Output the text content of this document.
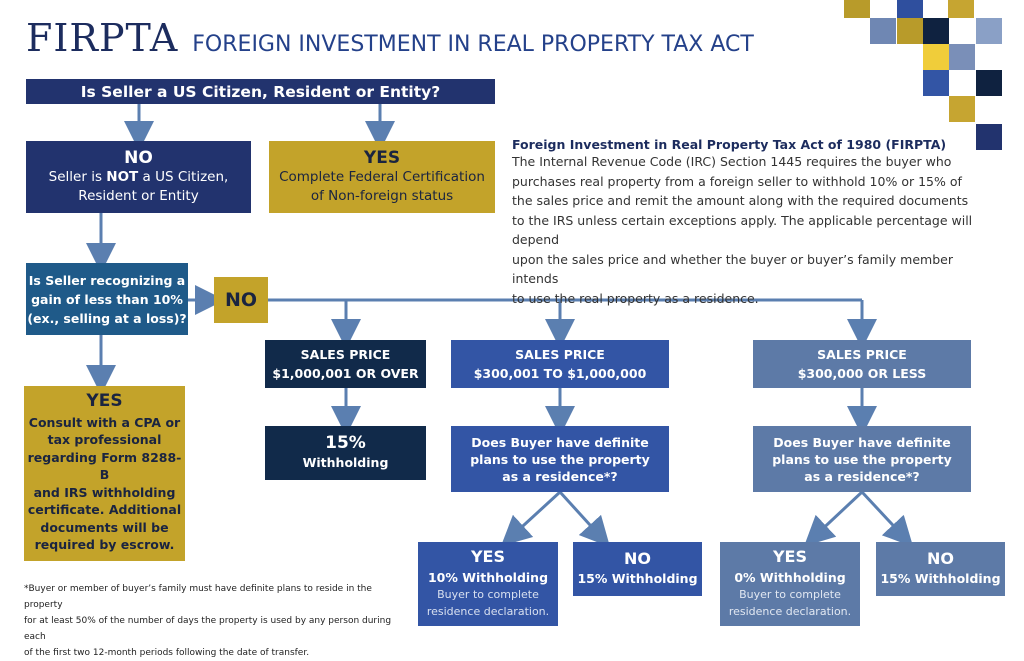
FIRPTA FOREIGN INVESTMENT IN REAL PROPERTY TAX ACT
Is Seller a US Citizen, Resident or Entity?
NO
Seller is NOT a US Citizen,
Resident or Entity
YES
Complete Federal Certification
of Non-foreign status
Foreign Investment in Real Property Tax Act of 1980 (FIRPTA)
The Internal Revenue Code (IRC) Section 1445 requires the buyer who
purchases real property from a foreign seller to withhold 10% or 15% of
the sales price and remit the amount along with the required documents
to the IRS unless certain exceptions apply. The applicable percentage will depend
upon the sales price and whether the buyer or buyer’s family member intends
to use the real property as a residence.
Is Seller recognizing a
gain of less than 10%
(ex., selling at a loss)?
NO
YES
Consult with a CPA or
tax professional
regarding Form 8288-B
and IRS withholding
certificate. Additional
documents will be
required by escrow.
SALES PRICE
$1,000,001 OR OVER
SALES PRICE
$300,001 TO $1,000,000
SALES PRICE
$300,000 OR LESS
15%
Withholding
Does Buyer have definite
plans to use the property
as a residence*?
Does Buyer have definite
plans to use the property
as a residence*?
YES
10% Withholding
Buyer to complete
residence declaration.
NO
15% Withholding
YES
0% Withholding
Buyer to complete
residence declaration.
NO
15% Withholding
*Buyer or member of buyer’s family must have definite plans to reside in the property
for at least 50% of the number of days the property is used by any person during each
of the first two 12-month periods following the date of transfer.
